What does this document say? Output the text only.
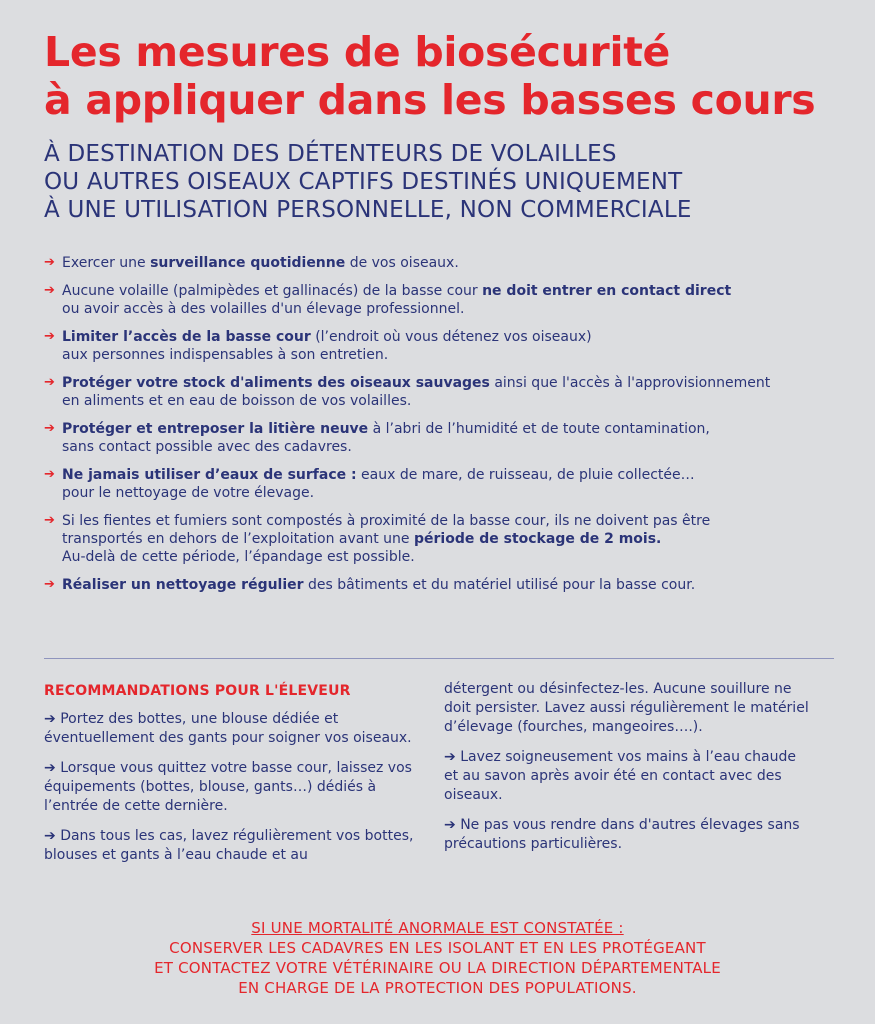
Les mesures de biosécurité
à appliquer dans les basses cours
À DESTINATION DES DÉTENTEURS DE VOLAILLES
OU AUTRES OISEAUX CAPTIFS DESTINÉS UNIQUEMENT
À UNE UTILISATION PERSONNELLE, NON COMMERCIALE
➔ Exercer une surveillance quotidienne de vos oiseaux.
➔ Aucune volaille (palmipèdes et gallinacés) de la basse cour ne doit entrer en contact direct
ou avoir accès à des volailles d'un élevage professionnel.
➔ Limiter l’accès de la basse cour (l’endroit où vous détenez vos oiseaux)
aux personnes indispensables à son entretien.
➔ Protéger votre stock d'aliments des oiseaux sauvages ainsi que l'accès à l'approvisionnement
en aliments et en eau de boisson de vos volailles.
➔ Protéger et entreposer la litière neuve à l’abri de l’humidité et de toute contamination,
sans contact possible avec des cadavres.
➔ Ne jamais utiliser d’eaux de surface : eaux de mare, de ruisseau, de pluie collectée…
pour le nettoyage de votre élevage.
➔ Si les fientes et fumiers sont compostés à proximité de la basse cour, ils ne doivent pas être
transportés en dehors de l’exploitation avant une période de stockage de 2 mois.
Au-delà de cette période, l’épandage est possible.
➔ Réaliser un nettoyage régulier des bâtiments et du matériel utilisé pour la basse cour.

RECOMMANDATIONS POUR L'ÉLEVEUR

➔ Portez des bottes, une blouse dédiée et éventuellement des gants pour soigner vos oiseaux.

➔ Lorsque vous quittez votre basse cour, laissez vos équipements (bottes, blouse, gants…) dédiés à l’entrée de cette dernière.

➔ Dans tous les cas, lavez régulièrement vos bottes, blouses et gants à l’eau chaude et au

détergent ou désinfectez-les. Aucune souillure ne doit persister. Lavez aussi régulièrement le matériel d’élevage (fourches, mangeoires….).

➔ Lavez soigneusement vos mains à l’eau chaude et au savon après avoir été en contact avec des oiseaux.

➔ Ne pas vous rendre dans d'autres élevages sans précautions particulières.

SI UNE MORTALITÉ ANORMALE EST CONSTATÉE :
CONSERVER LES CADAVRES EN LES ISOLANT ET EN LES PROTÉGEANT
ET CONTACTEZ VOTRE VÉTÉRINAIRE OU LA DIRECTION DÉPARTEMENTALE
EN CHARGE DE LA PROTECTION DES POPULATIONS.
